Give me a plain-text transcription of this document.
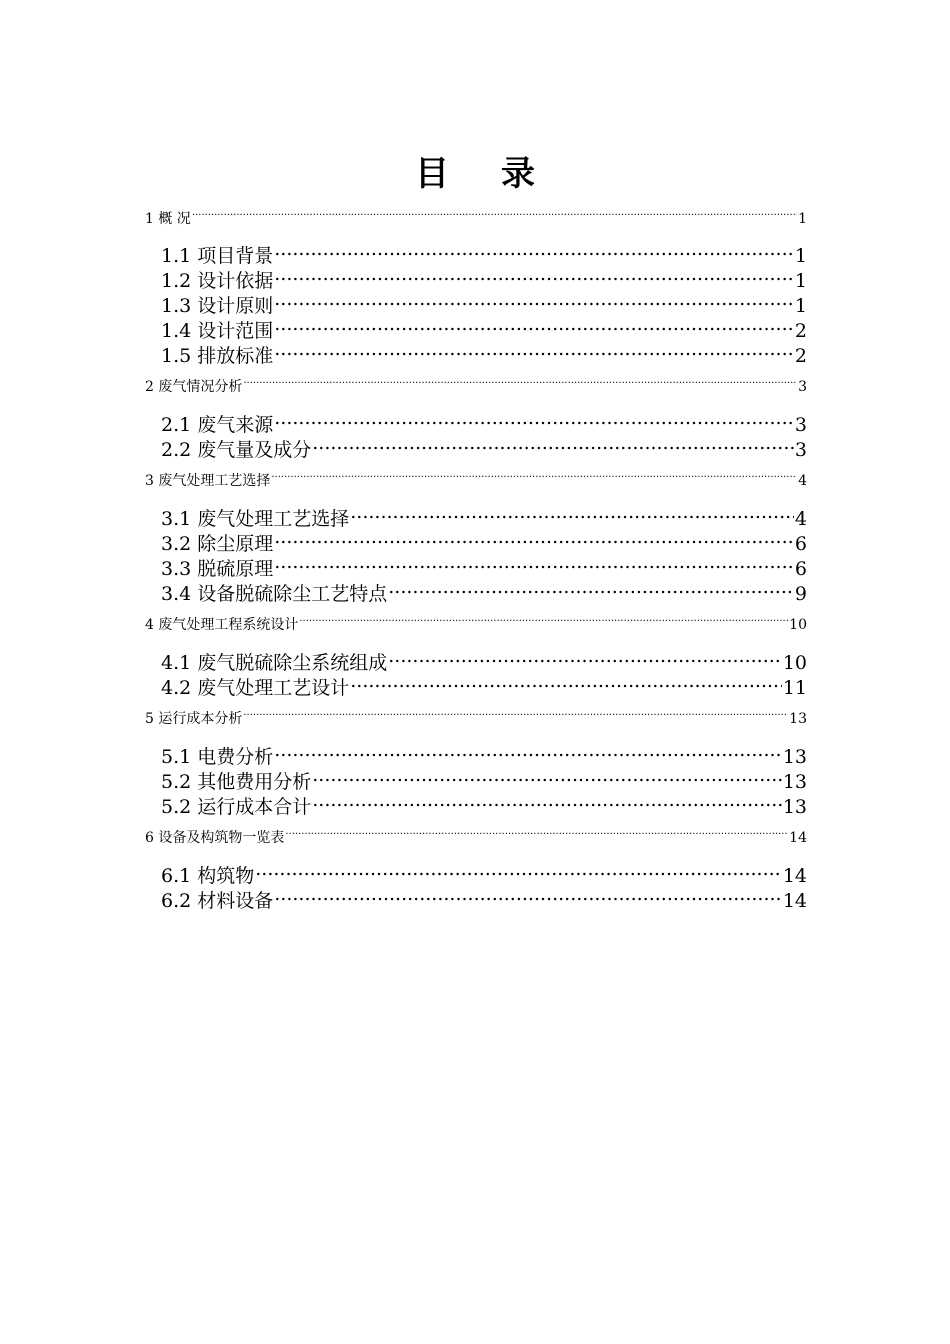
目 录
1 概 况 .....	1
1.1 项目背景 .....	1
1.2 设计依据 .....	1
1.3 设计原则 .....	1
1.4 设计范围 .....	2
1.5 排放标准 .....	2
2 废气情况分析 .....	3
2.1 废气来源 .....	3
2.2 废气量及成分 .....	3
3 废气处理工艺选择 .....	4
3.1 废气处理工艺选择 .....	4
3.2 除尘原理 .....	6
3.3 脱硫原理 .....	6
3.4 设备脱硫除尘工艺特点 .....	9
4 废气处理工程系统设计 .....	10
4.1 废气脱硫除尘系统组成 .....	10
4.2 废气处理工艺设计 .....	11
5 运行成本分析 .....	13
5.1 电费分析 .....	13
5.2 其他费用分析 .....	13
5.2 运行成本合计 .....	13
6 设备及构筑物一览表 .....	14
6.1 构筑物 .....	14
6.2 材料设备 .....	14
